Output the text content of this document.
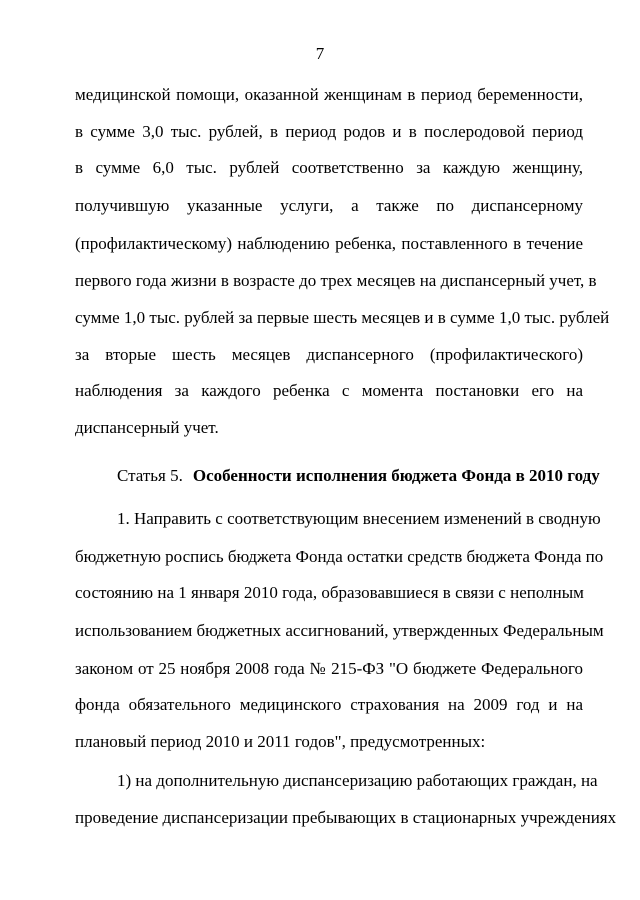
7
медицинской помощи, оказанной женщинам в период беременности,
в сумме 3,0 тыс. рублей, в период родов и в послеродовой период
в сумме 6,0 тыс. рублей соответственно за каждую женщину,
получившую указанные услуги, а также по диспансерному
(профилактическому) наблюдению ребенка, поставленного в течение
первого года жизни в возрасте до трех месяцев на диспансерный учет, в
сумме 1,0 тыс. рублей за первые шесть месяцев и в сумме 1,0 тыс. рублей
за вторые шесть месяцев диспансерного (профилактического)
наблюдения за каждого ребенка с момента постановки его на
диспансерный учет.
Статья 5. Особенности исполнения бюджета Фонда в 2010 году
1. Направить с соответствующим внесением изменений в сводную
бюджетную роспись бюджета Фонда остатки средств бюджета Фонда по
состоянию на 1 января 2010 года, образовавшиеся в связи с неполным
использованием бюджетных ассигнований, утвержденных Федеральным
законом от 25 ноября 2008 года № 215-ФЗ "О бюджете Федерального
фонда обязательного медицинского страхования на 2009 год и на
плановый период 2010 и 2011 годов", предусмотренных:
1) на дополнительную диспансеризацию работающих граждан, на
проведение диспансеризации пребывающих в стационарных учреждениях
